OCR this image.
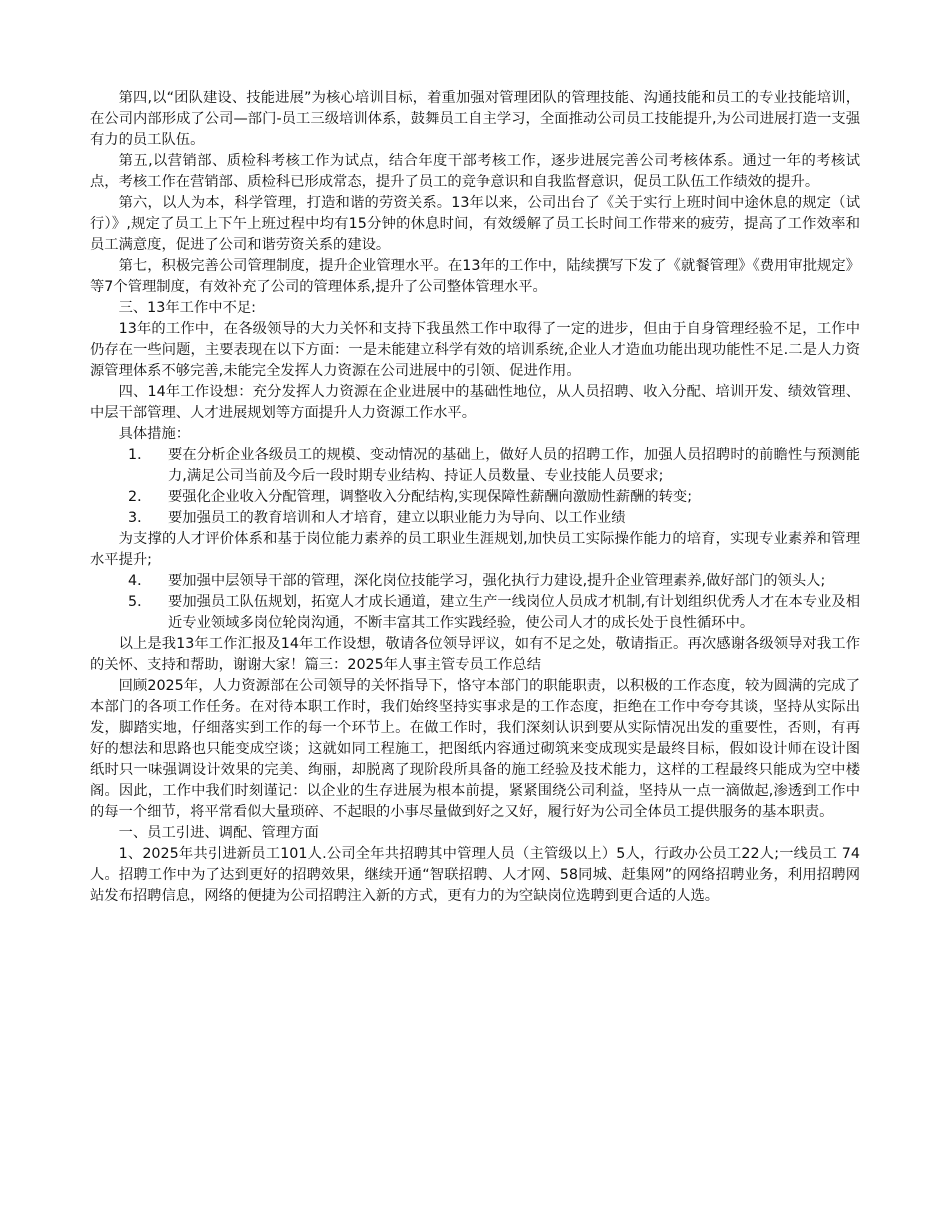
第四,以“团队建设、技能进展”为核心培训目标，着重加强对管理团队的管理技能、沟通技能和员工的专业技能培训，在公司内部形成了公司—部门-员工三级培训体系，鼓舞员工自主学习，全面推动公司员工技能提升,为公司进展打造一支强有力的员工队伍。

第五,以营销部、质检科考核工作为试点，结合年度干部考核工作，逐步进展完善公司考核体系。通过一年的考核试点，考核工作在营销部、质检科已形成常态，提升了员工的竞争意识和自我监督意识，促员工队伍工作绩效的提升。

第六，以人为本，科学管理，打造和谐的劳资关系。13年以来，公司出台了《关于实行上班时间中途休息的规定（试行）》,规定了员工上下午上班过程中均有15分钟的休息时间，有效缓解了员工长时间工作带来的疲劳，提高了工作效率和员工满意度，促进了公司和谐劳资关系的建设。

第七，积极完善公司管理制度，提升企业管理水平。在13年的工作中，陆续撰写下发了《就餐管理》《费用审批规定》等7个管理制度，有效补充了公司的管理体系,提升了公司整体管理水平。

三、13年工作中不足:

13年的工作中，在各级领导的大力关怀和支持下我虽然工作中取得了一定的进步，但由于自身管理经验不足，工作中仍存在一些问题，主要表现在以下方面：一是未能建立科学有效的培训系统,企业人才造血功能出现功能性不足.二是人力资源管理体系不够完善,未能完全发挥人力资源在公司进展中的引领、促进作用。

四、14年工作设想：充分发挥人力资源在企业进展中的基础性地位，从人员招聘、收入分配、培训开发、绩效管理、中层干部管理、人才进展规划等方面提升人力资源工作水平。

具体措施：

1．	要在分析企业各级员工的规模、变动情况的基础上，做好人员的招聘工作，加强人员招聘时的前瞻性与预测能力,满足公司当前及今后一段时期专业结构、持证人员数量、专业技能人员要求;
2．	要强化企业收入分配管理，调整收入分配结构,实现保障性薪酬向激励性薪酬的转变;
3．	要加强员工的教育培训和人才培育，建立以职业能力为导向、以工作业绩

为支撑的人才评价体系和基于岗位能力素养的员工职业生涯规划,加快员工实际操作能力的培育，实现专业素养和管理水平提升;

4．	要加强中层领导干部的管理，深化岗位技能学习，强化执行力建设,提升企业管理素养,做好部门的领头人;
5．	要加强员工队伍规划，拓宽人才成长通道，建立生产一线岗位人员成才机制,有计划组织优秀人才在本专业及相近专业领域多岗位轮岗沟通，不断丰富其工作实践经验，使公司人才的成长处于良性循环中。

以上是我13年工作汇报及14年工作设想，敬请各位领导评议，如有不足之处，敬请指正。再次感谢各级领导对我工作的关怀、支持和帮助，谢谢大家！篇三：2025年人事主管专员工作总结

回顾2025年，人力资源部在公司领导的关怀指导下，恪守本部门的职能职责，以积极的工作态度，较为圆满的完成了本部门的各项工作任务。在对待本职工作时，我们始终坚持实事求是的工作态度，拒绝在工作中夸夸其谈，坚持从实际出发，脚踏实地，仔细落实到工作的每一个环节上。在做工作时，我们深刻认识到要从实际情况出发的重要性，否则，有再好的想法和思路也只能变成空谈；这就如同工程施工，把图纸内容通过砌筑来变成现实是最终目标，假如设计师在设计图纸时只一味强调设计效果的完美、绚丽，却脱离了现阶段所具备的施工经验及技术能力，这样的工程最终只能成为空中楼阁。因此，工作中我们时刻谨记：以企业的生存进展为根本前提，紧紧围绕公司利益，坚持从一点一滴做起,渗透到工作中的每一个细节，将平常看似大量琐碎、不起眼的小事尽量做到好之又好，履行好为公司全体员工提供服务的基本职责。

一、员工引进、调配、管理方面

1、2025年共引进新员工101人.公司全年共招聘其中管理人员（主管级以上）5人，行政办公员工22人;一线员工 74人。招聘工作中为了达到更好的招聘效果，继续开通“智联招聘、人才网、58同城、赶集网”的网络招聘业务，利用招聘网站发布招聘信息，网络的便捷为公司招聘注入新的方式，更有力的为空缺岗位选聘到更合适的人选。
